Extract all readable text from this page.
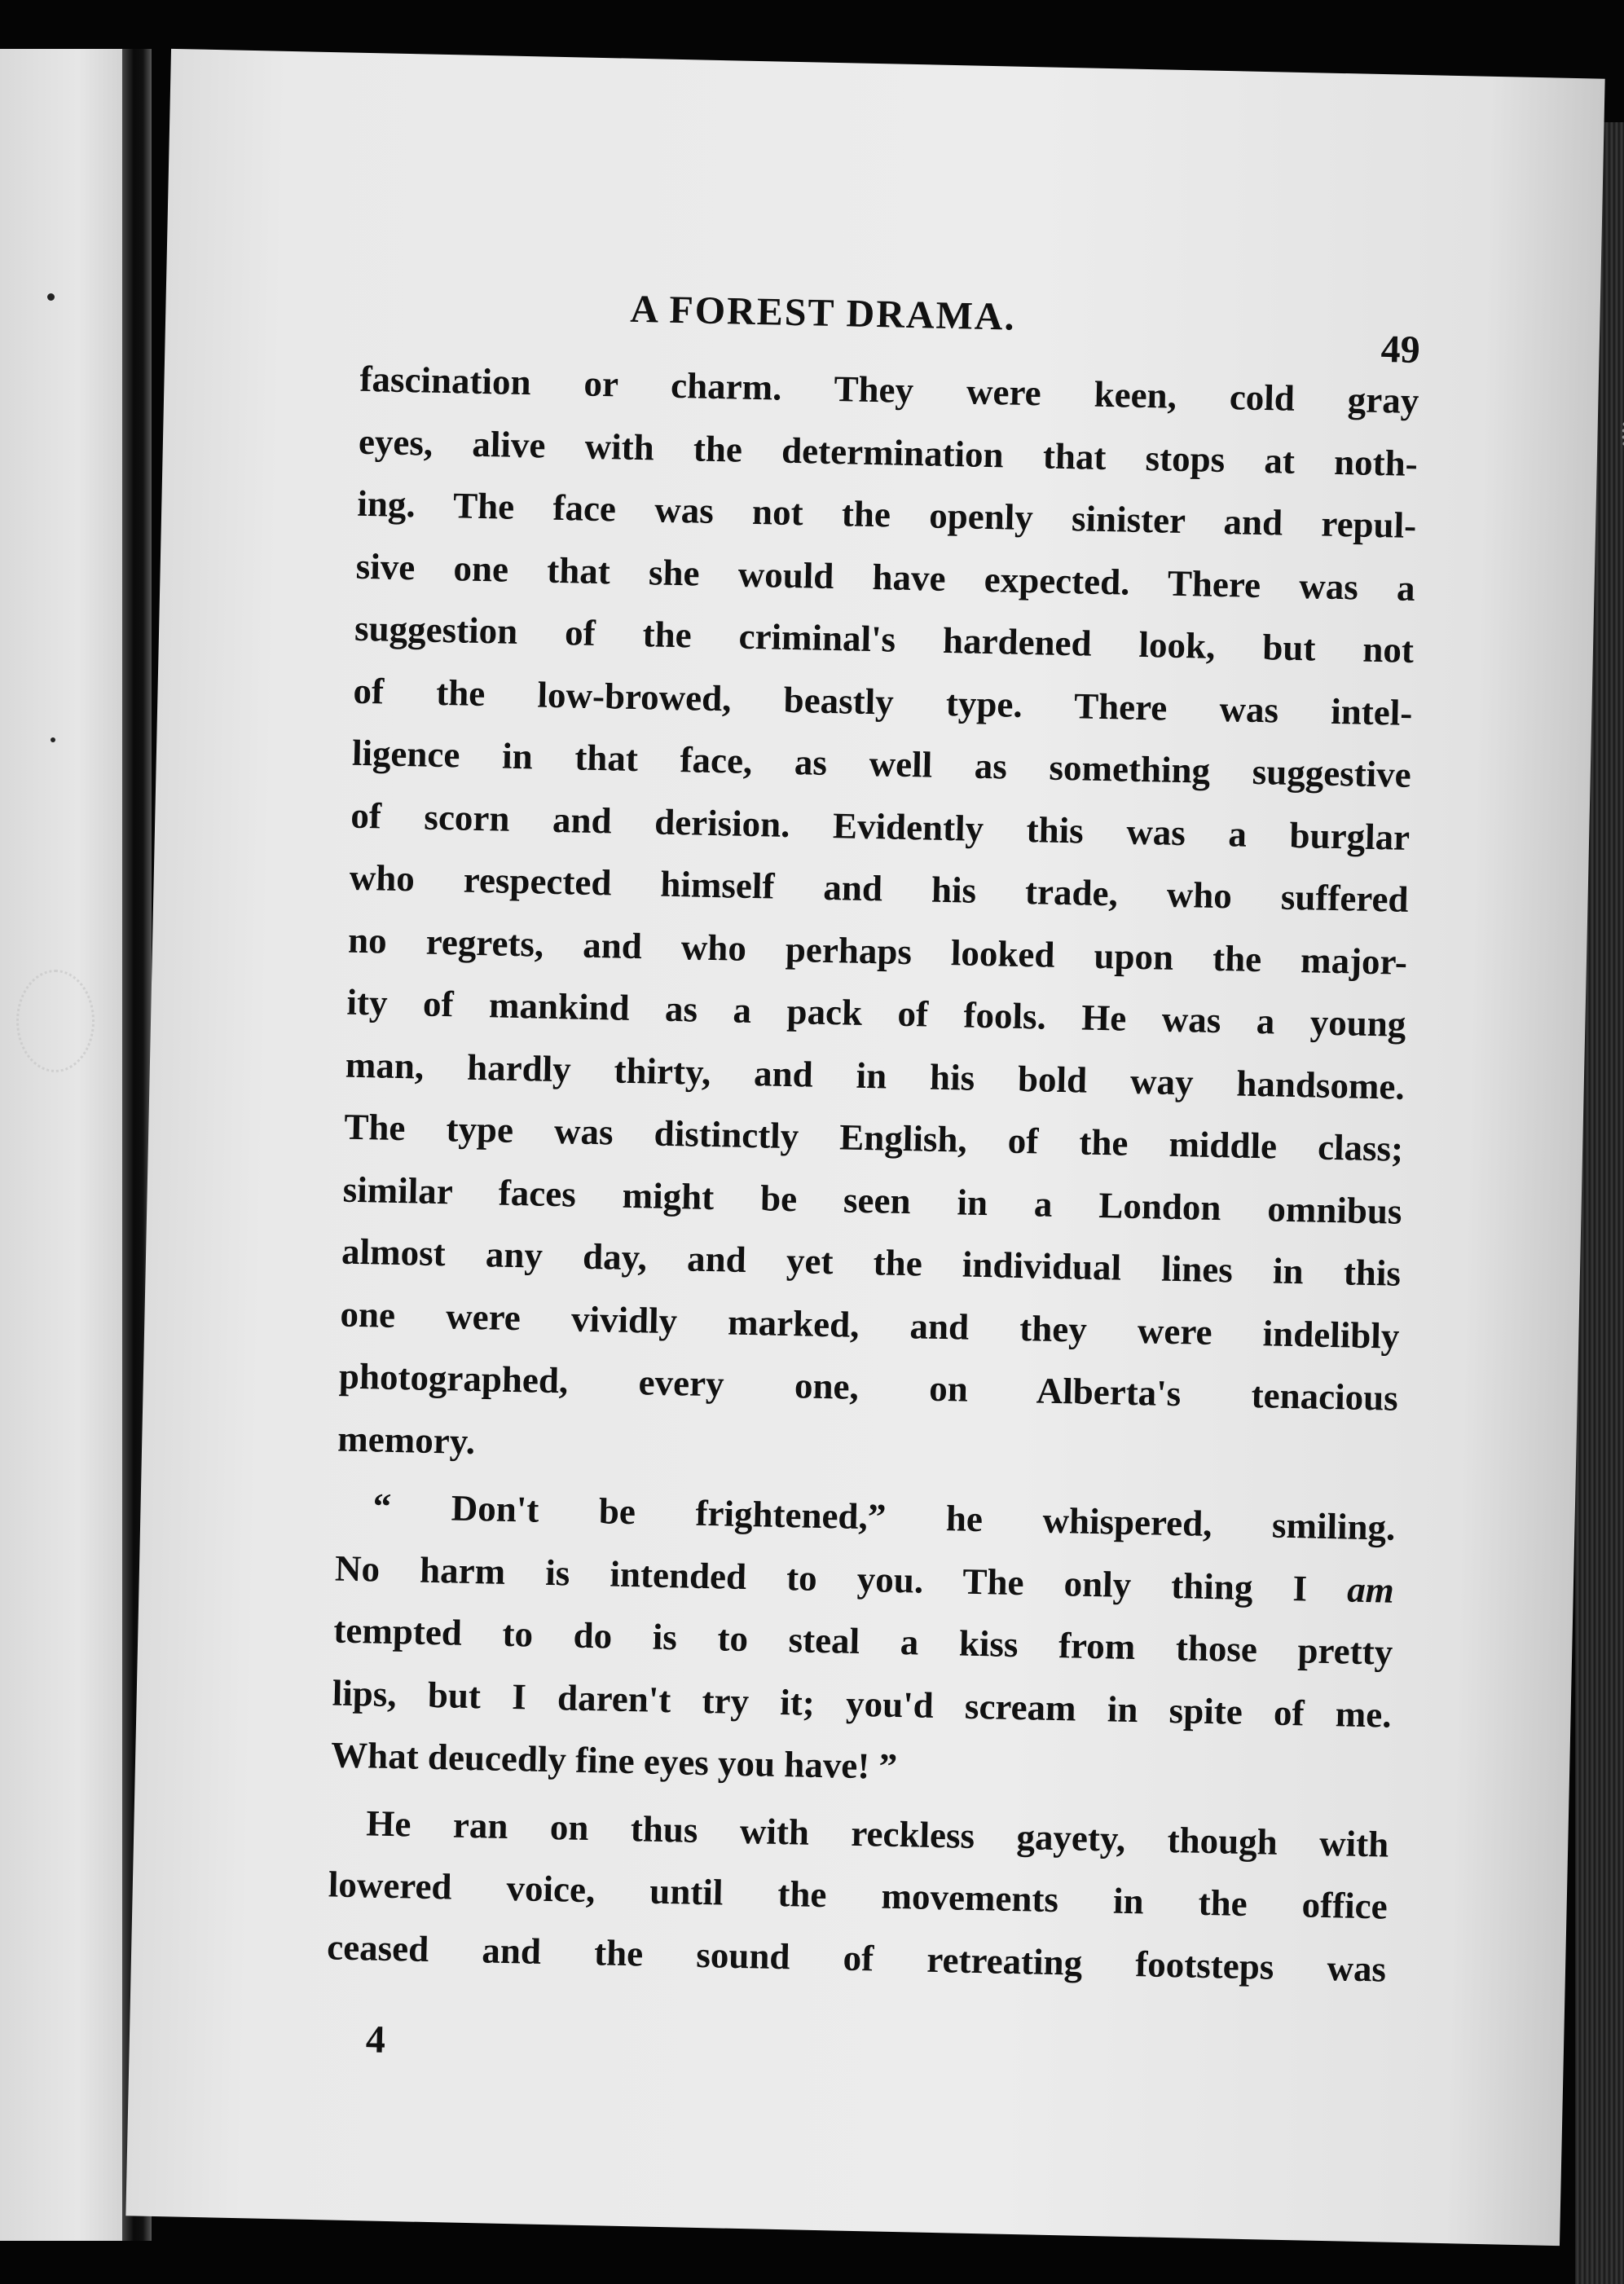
A FOREST DRAMA.
49
fascination or charm. They were keen, cold gray
eyes, alive with the determination that stops at noth-
ing. The face was not the openly sinister and repul-
sive one that she would have expected. There was a
suggestion of the criminal's hardened look, but not
of the low-browed, beastly type. There was intel-
ligence in that face, as well as something suggestive
of scorn and derision. Evidently this was a burglar
who respected himself and his trade, who suffered
no regrets, and who perhaps looked upon the major-
ity of mankind as a pack of fools. He was a young
man, hardly thirty, and in his bold way handsome.
The type was distinctly English, of the middle class;
similar faces might be seen in a London omnibus
almost any day, and yet the individual lines in this
one were vividly marked, and they were indelibly
photographed, every one, on Alberta's tenacious
memory.
“ Don't be frightened,” he whispered, smiling.
No harm is intended to you. The only thing I am
tempted to do is to steal a kiss from those pretty
lips, but I daren't try it; you'd scream in spite of me.
What deucedly fine eyes you have! ”
He ran on thus with reckless gayety, though with
lowered voice, until the movements in the office
ceased and the sound of retreating footsteps was
4
